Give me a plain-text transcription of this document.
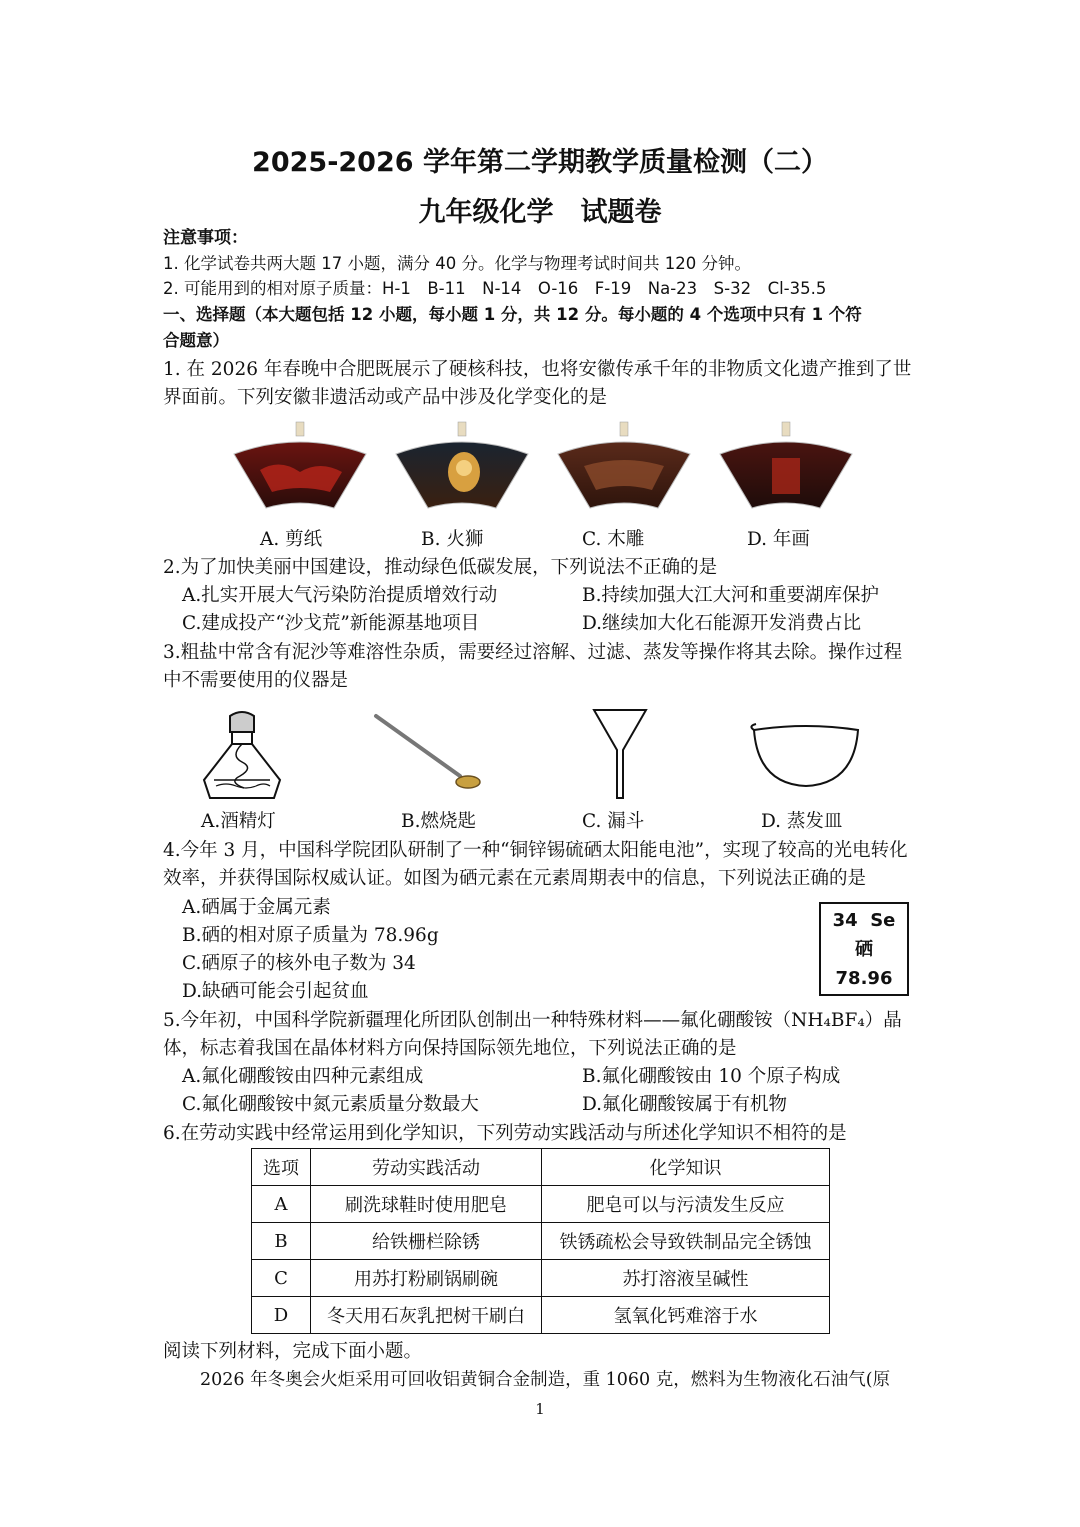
2025-2026 学年第二学期教学质量检测（二）
九年级化学　试题卷
注意事项：
1. 化学试卷共两大题 17 小题，满分 40 分。化学与物理考试时间共 120 分钟。
2. 可能用到的相对原子质量：H-1　B-11　N-14　O-16　F-19　Na-23　S-32　Cl-35.5
一、选择题（本大题包括 12 小题，每小题 1 分，共 12 分。每小题的 4 个选项中只有 1 个符
合题意）
1. 在 2026 年春晚中合肥既展示了硬核科技，也将安徽传承千年的非物质文化遗产推到了世
界面前。下列安徽非遗活动或产品中涉及化学变化的是
A. 剪纸	B. 火狮	C. 木雕	D. 年画
2.为了加快美丽中国建设，推动绿色低碳发展，下列说法不正确的是
A.扎实开展大气污染防治提质增效行动	B.持续加强大江大河和重要湖库保护
C.建成投产“沙戈荒”新能源基地项目	D.继续加大化石能源开发消费占比
3.粗盐中常含有泥沙等难溶性杂质，需要经过溶解、过滤、蒸发等操作将其去除。操作过程
中不需要使用的仪器是
A.酒精灯	B.燃烧匙	C. 漏斗	D. 蒸发皿
4.今年 3 月，中国科学院团队研制了一种“铜锌锡硫硒太阳能电池”，实现了较高的光电转化
效率，并获得国际权威认证。如图为硒元素在元素周期表中的信息，下列说法正确的是
A.硒属于金属元素
B.硒的相对原子质量为 78.96g
C.硒原子的核外电子数为 34
D.缺硒可能会引起贫血
34 Se
硒
78.96
5.今年初，中国科学院新疆理化所团队创制出一种特殊材料——氟化硼酸铵（NH₄BF₄）晶
体，标志着我国在晶体材料方向保持国际领先地位，下列说法正确的是
A.氟化硼酸铵由四种元素组成	B.氟化硼酸铵由 10 个原子构成
C.氟化硼酸铵中氮元素质量分数最大	D.氟化硼酸铵属于有机物
6.在劳动实践中经常运用到化学知识，下列劳动实践活动与所述化学知识不相符的是
选项	劳动实践活动	化学知识
A	刷洗球鞋时使用肥皂	肥皂可以与污渍发生反应
B	给铁栅栏除锈	铁锈疏松会导致铁制品完全锈蚀
C	用苏打粉刷锅刷碗	苏打溶液呈碱性
D	冬天用石灰乳把树干刷白	氢氧化钙难溶于水
阅读下列材料，完成下面小题。
2026 年冬奥会火炬采用可回收铝黄铜合金制造，重 1060 克，燃料为生物液化石油气(原
1
